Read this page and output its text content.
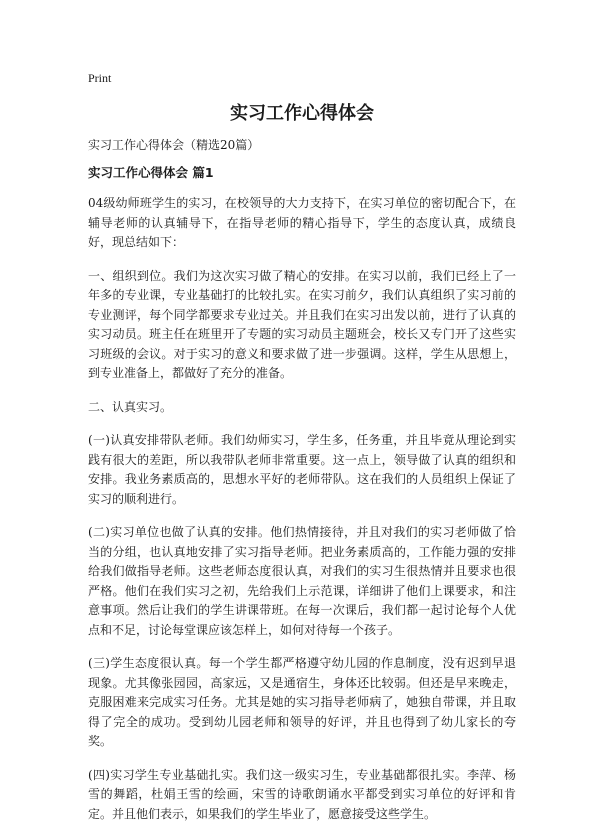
Print
实习工作心得体会
实习工作心得体会（精选20篇）
实习工作心得体会 篇1

04级幼师班学生的实习，在校领导的大力支持下，在实习单位的密切配合下，在辅导老师的认真辅导下，在指导老师的精心指导下，学生的态度认真，成绩良好，现总结如下：

一、组织到位。我们为这次实习做了精心的安排。在实习以前，我们已经上了一年多的专业课，专业基础打的比较扎实。在实习前夕，我们认真组织了实习前的专业测评，每个同学都要求专业过关。并且我们在实习出发以前，进行了认真的实习动员。班主任在班里开了专题的实习动员主题班会，校长又专门开了这些实习班级的会议。对于实习的意义和要求做了进一步强调。这样，学生从思想上，到专业准备上，都做好了充分的准备。

二、认真实习。

(一)认真安排带队老师。我们幼师实习，学生多，任务重，并且毕竟从理论到实践有很大的差距，所以我带队老师非常重要。这一点上，领导做了认真的组织和安排。我业务素质高的，思想水平好的老师带队。这在我们的人员组织上保证了实习的顺利进行。

(二)实习单位也做了认真的安排。他们热情接待，并且对我们的实习老师做了恰当的分组，也认真地安排了实习指导老师。把业务素质高的，工作能力强的安排给我们做指导老师。这些老师态度很认真，对我们的实习生很热情并且要求也很严格。他们在我们实习之初，先给我们上示范课，详细讲了他们上课要求，和注意事项。然后让我们的学生讲课带班。在每一次课后，我们都一起讨论每个人优点和不足，讨论每堂课应该怎样上，如何对待每一个孩子。

(三)学生态度很认真。每一个学生都严格遵守幼儿园的作息制度，没有迟到早退现象。尤其像张园园，高家远，又是通宿生，身体还比较弱。但还是早来晚走，克服困难来完成实习任务。尤其是她的实习指导老师病了，她独自带课，并且取得了完全的成功。受到幼儿园老师和领导的好评，并且也得到了幼儿家长的夸奖。

(四)实习学生专业基础扎实。我们这一级实习生，专业基础都很扎实。李萍、杨雪的舞蹈，杜娟王雪的绘画，宋雪的诗歌朗诵水平都受到实习单位的好评和肯定。并且他们表示，如果我们的学生毕业了，愿意接受这些学生。
